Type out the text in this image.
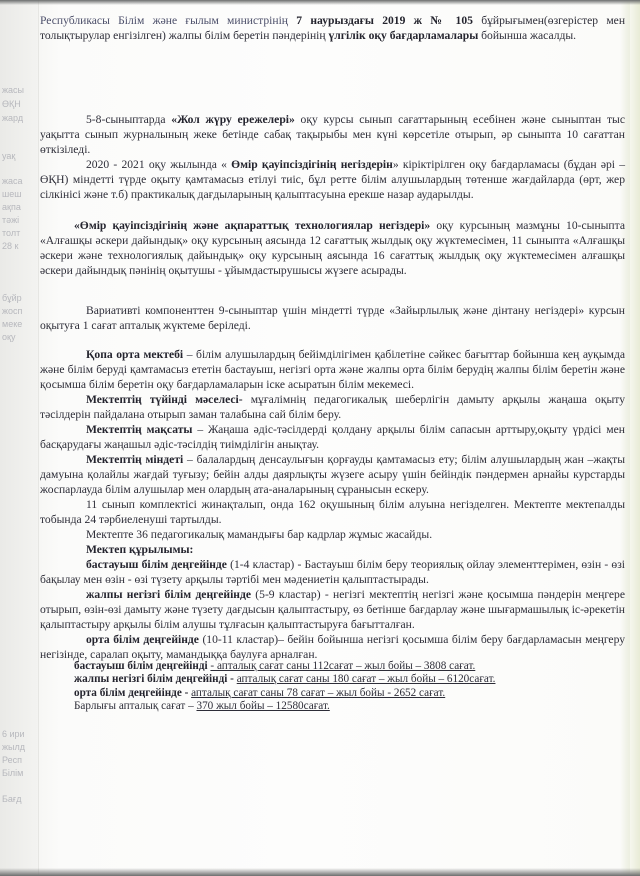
жасы
ӨҚН
жард
уақ
жаса
шеш
ақпа
тәжі
толт
28 к
бұйр
жосп
меке
оқу
6 ири
жылд
Респ
Білім
Бағд

Республикасы Білім және ғылым министрінің 7 наурыздағы 2019 ж № 105 бұйрығымен(өзгерістер мен толықтырулар енгізілген) жалпы білім беретін пәндерінің үлгілік оқу бағдарламалары бойынша жасалды.

5-8-сыныптарда «Жол жүру ережелері» оқу курсы сынып сағаттарының есебінен және сыныптан тыс уақытта сынып журналының жеке бетінде сабақ тақырыбы мен күні көрсетіле отырып, әр сыныпта 10 сағаттан өткізіледі.

2020 - 2021 оқу жылында « Өмір қауіпсіздігінің негіздерін» кіріктірілген оқу бағдарламасы (бұдан әрі – ӨҚН) міндетті түрде оқыту қамтамасыз етілуі тиіс, бұл ретте білім алушылардың төтенше жағдайларда (өрт, жер сілкінісі және т.б) практикалық дағдыларының қалыптасуына ерекше назар аударылды.

«Өмір қауіпсіздігінің және ақпараттық технологиялар негіздері» оқу курсының мазмұны 10-сыныпта «Алғашқы әскери дайындық» оқу курсының аясында 12 сағаттық жылдық оқу жүктемесімен, 11 сыныпта «Алғашқы әскери және технологиялық дайындық» оқу курсының аясында 16 сағаттық жылдық оқу жүктемесімен алғашқы әскери дайындық пәнінің оқытушы - ұйымдастырушысы жүзеге асырады.

Вариативті компоненттен 9-сыныптар үшін міндетті түрде «Зайырлылық және дінтану негіздері» курсын оқытуға 1 сағат апталық жүктеме беріледі.

Қопа орта мектебі – білім алушылардың бейімділігімен қабілетіне сәйкес бағыттар бойынша кең ауқымда және білім беруді қамтамасыз ететін бастауыш, негізгі орта және жалпы орта білім берудің жалпы білім беретін және қосымша білім беретін оқу бағдарламаларын іске асыратын білім мекемесі.

Мектептің түйінді мәселесі- мұғалімнің педагогикалық шеберлігін дамыту арқылы жаңаша оқыту тәсілдерін пайдалана отырып заман талабына сай білім беру.

Мектептің мақсаты – Жаңаша әдіс-тәсілдерді қолдану арқылы білім сапасын арттыру,оқыту үрдісі мен басқарудағы жаңашыл әдіс-тәсілдің тиімділігін анықтау.

Мектептің міндеті – балалардың денсаулығын қорғауды қамтамасыз ету; білім алушылардың жан –жақты дамуына қолайлы жағдай туғызу; бейін алды даярлықты жүзеге асыру үшін бейіндік пәндермен арнайы курстарды жоспарлауда білім алушылар мен олардың ата-аналарының сұранысын ескеру.

11 сынып комплектісі жинақталып, онда 162 оқушының білім алуына негізделген. Мектепте мектепалды тобында 24 тәрбиеленуші тартылды.

Мектепте 36 педагогикалық мамандығы бар кадрлар жұмыс жасайды.

Мектеп құрылымы:

бастауыш білім деңгейінде (1-4 кластар) - Бастауыш білім беру теориялық ойлау элементтерімен, өзін - өзі бақылау мен өзін - өзі түзету арқылы тәртібі мен мәдениетін қалыптастырады.

жалпы негізгі білім деңгейінде (5-9 кластар) - негізгі мектептің негізгі және қосымша пәндерін меңгере отырып, өзін-өзі дамыту және түзету дағдысын қалыптастыру, өз бетінше бағдарлау және шығармашылық іс-әрекетін қалыптастыру арқылы білім алушы тұлғасын қалыптастыруға бағытталған.

орта білім деңгейінде (10-11 кластар)– бейін бойынша негізгі қосымша білім беру бағдарламасын меңгеру негізінде, саралап оқыту, мамандыққа баулуға арналған.

бастауыш білім деңгейінді - апталық сағат саны 112сағат – жыл бойы – 3808 сағат.

жалпы негізгі білім деңгейінді - апталық сағат саны 180 сағат – жыл бойы – 6120сағат.

орта білім деңгейінде - апталық сағат саны 78 сағат – жыл бойы - 2652 сағат.

Барлығы апталық сағат – 370 жыл бойы – 12580сағат.
